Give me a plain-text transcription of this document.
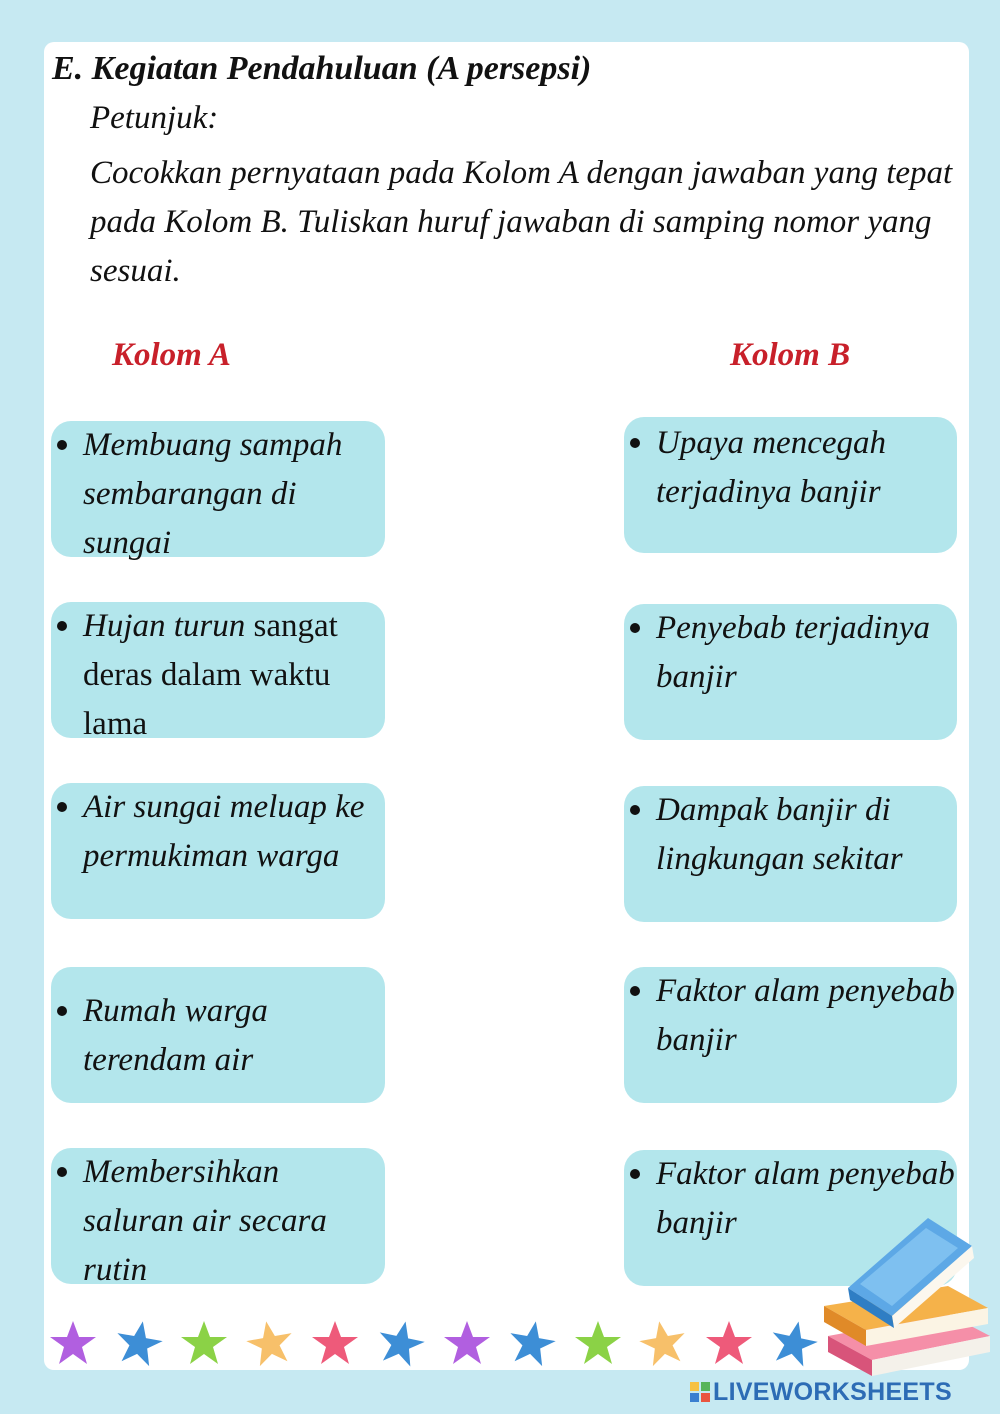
E. Kegiatan Pendahuluan (A persepsi)
Petunjuk:
Cocokkan pernyataan pada Kolom A dengan jawaban yang tepat pada Kolom B. Tuliskan huruf jawaban di samping nomor yang sesuai.
Kolom A	Kolom B
Membuang sampah sembarangan di sungai
Hujan turun sangat deras dalam waktu lama
Air sungai meluap ke permukiman warga
Rumah warga terendam air
Membersihkan saluran air secara rutin
Upaya mencegah terjadinya banjir
Penyebab terjadinya banjir
Dampak banjir di lingkungan sekitar
Faktor alam penyebab banjir
Faktor alam penyebab banjir
LIVEWORKSHEETS
